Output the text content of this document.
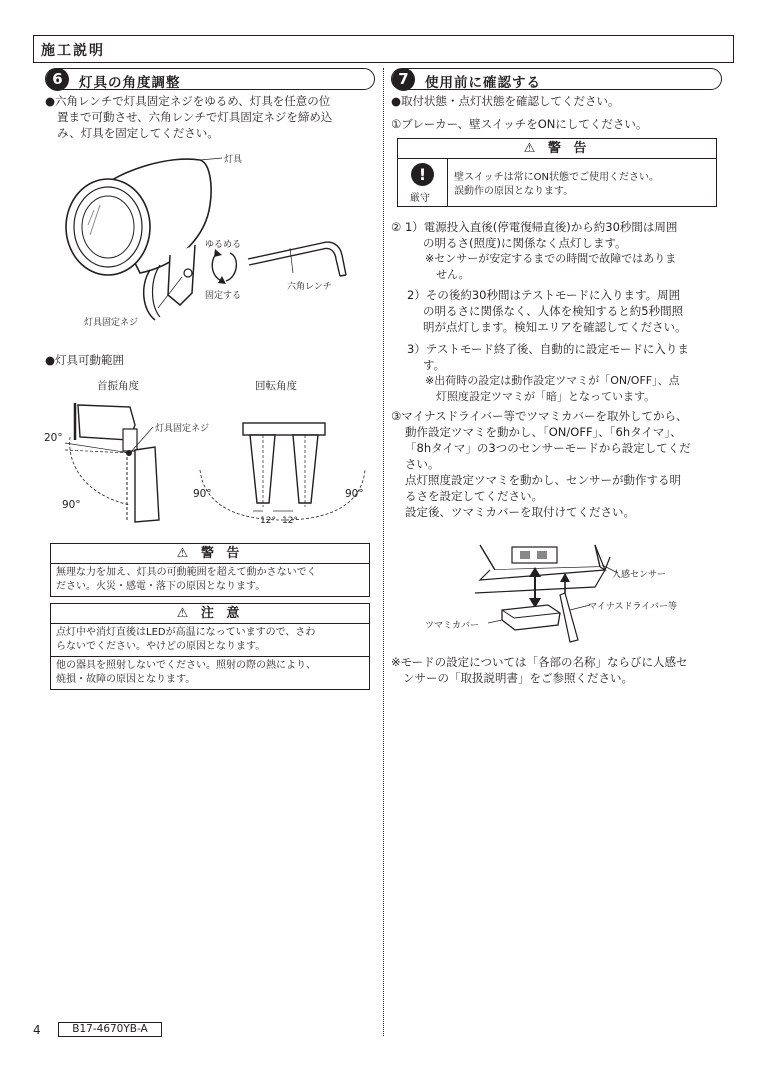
施工説明
6	灯具の角度調整
●六角レンチで灯具固定ネジをゆるめ、灯具を任意の位
置まで可動させ、六角レンチで灯具固定ネジを締め込
み、灯具を固定してください。
灯具
ゆるめる
固定する
六角レンチ
灯具固定ネジ
●灯具可動範囲
首振角度	回転角度
灯具固定ネジ
20°
90°
90°	90°
12° 12°
⚠ 警 告
無理な力を加え、灯具の可動範囲を超えて動かさないでく
ださい。火災・感電・落下の原因となります。
⚠ 注 意
点灯中や消灯直後はLEDが高温になっていますので、さわ
らないでください。やけどの原因となります。
他の器具を照射しないでください。照射の際の熱により、
焼損・故障の原因となります。
7	使用前に確認する
●取付状態・点灯状態を確認してください。
①ブレーカー、壁スイッチをONにしてください。
⚠ 警 告
!
厳守
壁スイッチは常にON状態でご使用ください。
誤動作の原因となります。
② 1）電源投入直後(停電復帰直後)から約30秒間は周囲
の明るさ(照度)に関係なく点灯します。
※センサーが安定するまでの時間で故障ではありま
せん。
2）その後約30秒間はテストモードに入ります。周囲
の明るさに関係なく、人体を検知すると約5秒間照
明が点灯します。検知エリアを確認してください。
3）テストモード終了後、自動的に設定モードに入りま
す。
※出荷時の設定は動作設定ツマミが「ON/OFF」、点
灯照度設定ツマミが「暗」となっています。
③マイナスドライバー等でツマミカバーを取外してから、
動作設定ツマミを動かし、「ON/OFF」、「6hタイマ」、
「8hタイマ」の3つのセンサーモードから設定してくだ
さい。
点灯照度設定ツマミを動かし、センサーが動作する明
るさを設定してください。
設定後、ツマミカバーを取付けてください。
人感センサー
マイナスドライバー等
ツマミカバー
※モードの設定については「各部の名称」ならびに人感セ
ンサーの「取扱説明書」をご参照ください。
4	B17-4670YB-A
